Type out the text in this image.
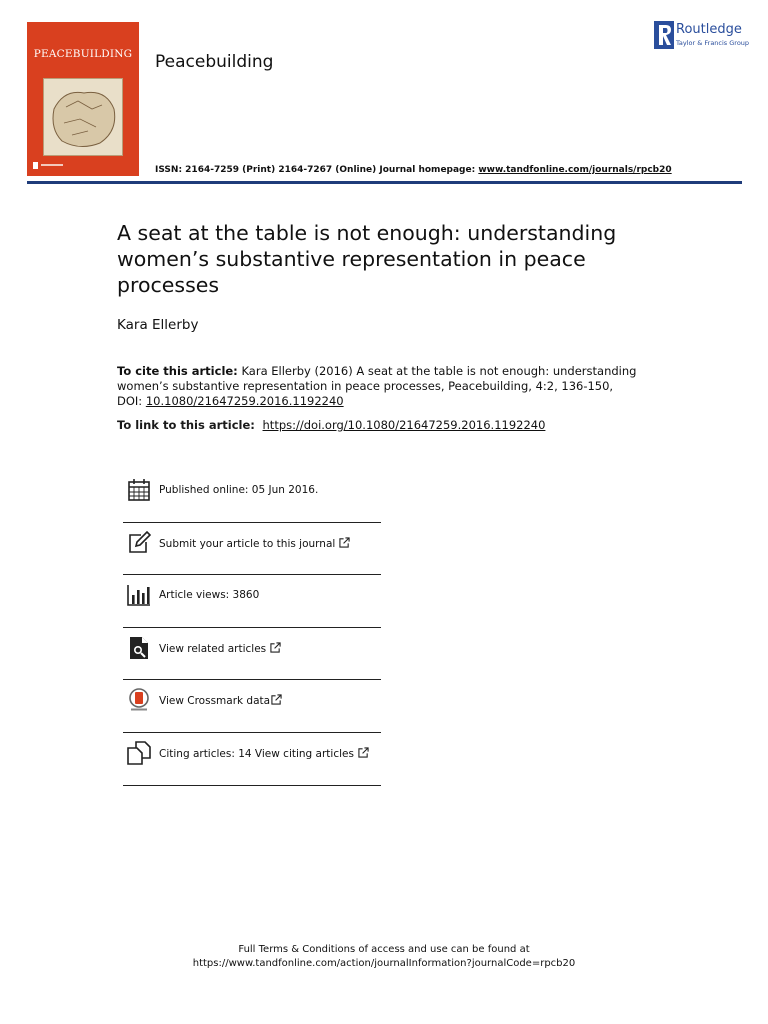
PEACEBUILDING	Peacebuilding
Routledge
Taylor & Francis Group
ISSN: 2164-7259 (Print) 2164-7267 (Online) Journal homepage: www.tandfonline.com/journals/rpcb20
A seat at the table is not enough: understanding women’s substantive representation in peace processes
Kara Ellerby
To cite this article: Kara Ellerby (2016) A seat at the table is not enough: understanding women’s substantive representation in peace processes, Peacebuilding, 4:2, 136-150, DOI: 10.1080/21647259.2016.1192240
To link to this article:  https://doi.org/10.1080/21647259.2016.1192240
Published online: 05 Jun 2016.
Submit your article to this journal
Article views: 3860
View related articles
View Crossmark data
Citing articles: 14 View citing articles
Full Terms & Conditions of access and use can be found at
https://www.tandfonline.com/action/journalInformation?journalCode=rpcb20
